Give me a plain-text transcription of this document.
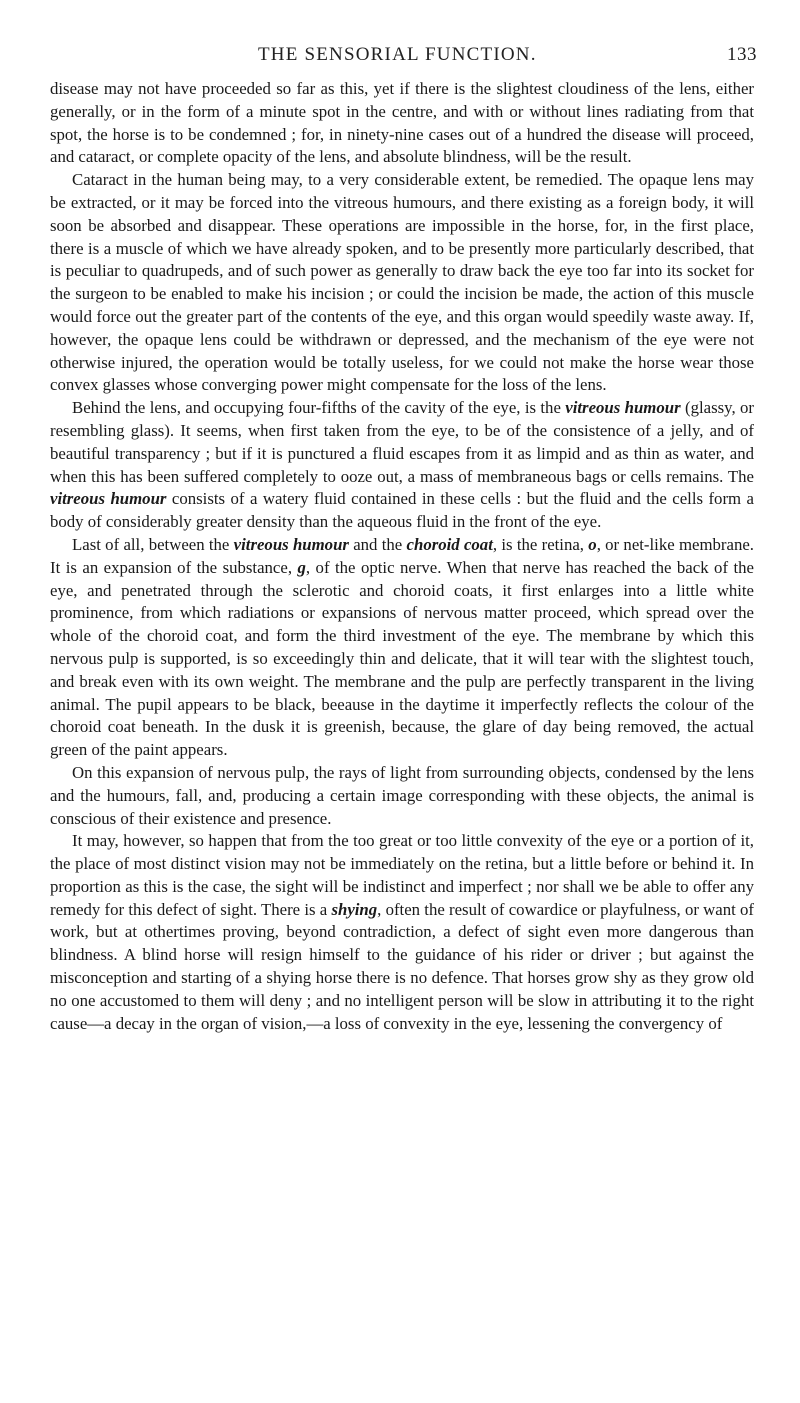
THE SENSORIAL FUNCTION.	133

disease may not have proceeded so far as this, yet if there is the slightest cloudiness of the lens, either generally, or in the form of a minute spot in the centre, and with or without lines radiating from that spot, the horse is to be condemned ; for, in ninety-nine cases out of a hundred the disease will proceed, and cataract, or complete opacity of the lens, and absolute blindness, will be the result.

Cataract in the human being may, to a very considerable extent, be remedied. The opaque lens may be extracted, or it may be forced into the vitreous humours, and there existing as a foreign body, it will soon be absorbed and disappear. These operations are impossible in the horse, for, in the first place, there is a muscle of which we have already spoken, and to be presently more particularly described, that is peculiar to quadrupeds, and of such power as generally to draw back the eye too far into its socket for the surgeon to be enabled to make his incision ; or could the incision be made, the action of this muscle would force out the greater part of the contents of the eye, and this organ would speedily waste away. If, however, the opaque lens could be withdrawn or depressed, and the mechanism of the eye were not otherwise injured, the operation would be totally useless, for we could not make the horse wear those convex glasses whose converging power might compensate for the loss of the lens.

Behind the lens, and occupying four-fifths of the cavity of the eye, is the vitreous humour (glassy, or resembling glass). It seems, when first taken from the eye, to be of the consistence of a jelly, and of beautiful transparency ; but if it is punctured a fluid escapes from it as limpid and as thin as water, and when this has been suffered completely to ooze out, a mass of membraneous bags or cells remains. The vitreous humour consists of a watery fluid contained in these cells : but the fluid and the cells form a body of considerably greater density than the aqueous fluid in the front of the eye.

Last of all, between the vitreous humour and the choroid coat, is the retina, o, or net-like membrane. It is an expansion of the substance, g, of the optic nerve. When that nerve has reached the back of the eye, and penetrated through the sclerotic and choroid coats, it first enlarges into a little white prominence, from which radiations or expansions of nervous matter proceed, which spread over the whole of the choroid coat, and form the third investment of the eye. The membrane by which this nervous pulp is supported, is so exceedingly thin and delicate, that it will tear with the slightest touch, and break even with its own weight. The membrane and the pulp are perfectly transparent in the living animal. The pupil appears to be black, beeause in the daytime it imperfectly reflects the colour of the choroid coat beneath. In the dusk it is greenish, because, the glare of day being removed, the actual green of the paint appears.

On this expansion of nervous pulp, the rays of light from surrounding objects, condensed by the lens and the humours, fall, and, producing a certain image corresponding with these objects, the animal is conscious of their existence and presence.

It may, however, so happen that from the too great or too little convexity of the eye or a portion of it, the place of most distinct vision may not be immediately on the retina, but a little before or behind it. In proportion as this is the case, the sight will be indistinct and imperfect ; nor shall we be able to offer any remedy for this defect of sight. There is a shying, often the result of cowardice or playfulness, or want of work, but at othertimes proving, beyond contradiction, a defect of sight even more dangerous than blindness. A blind horse will resign himself to the guidance of his rider or driver ; but against the misconception and starting of a shying horse there is no defence. That horses grow shy as they grow old no one accustomed to them will deny ; and no intelligent person will be slow in attributing it to the right cause—a decay in the organ of vision,—a loss of convexity in the eye, lessening the convergency of
